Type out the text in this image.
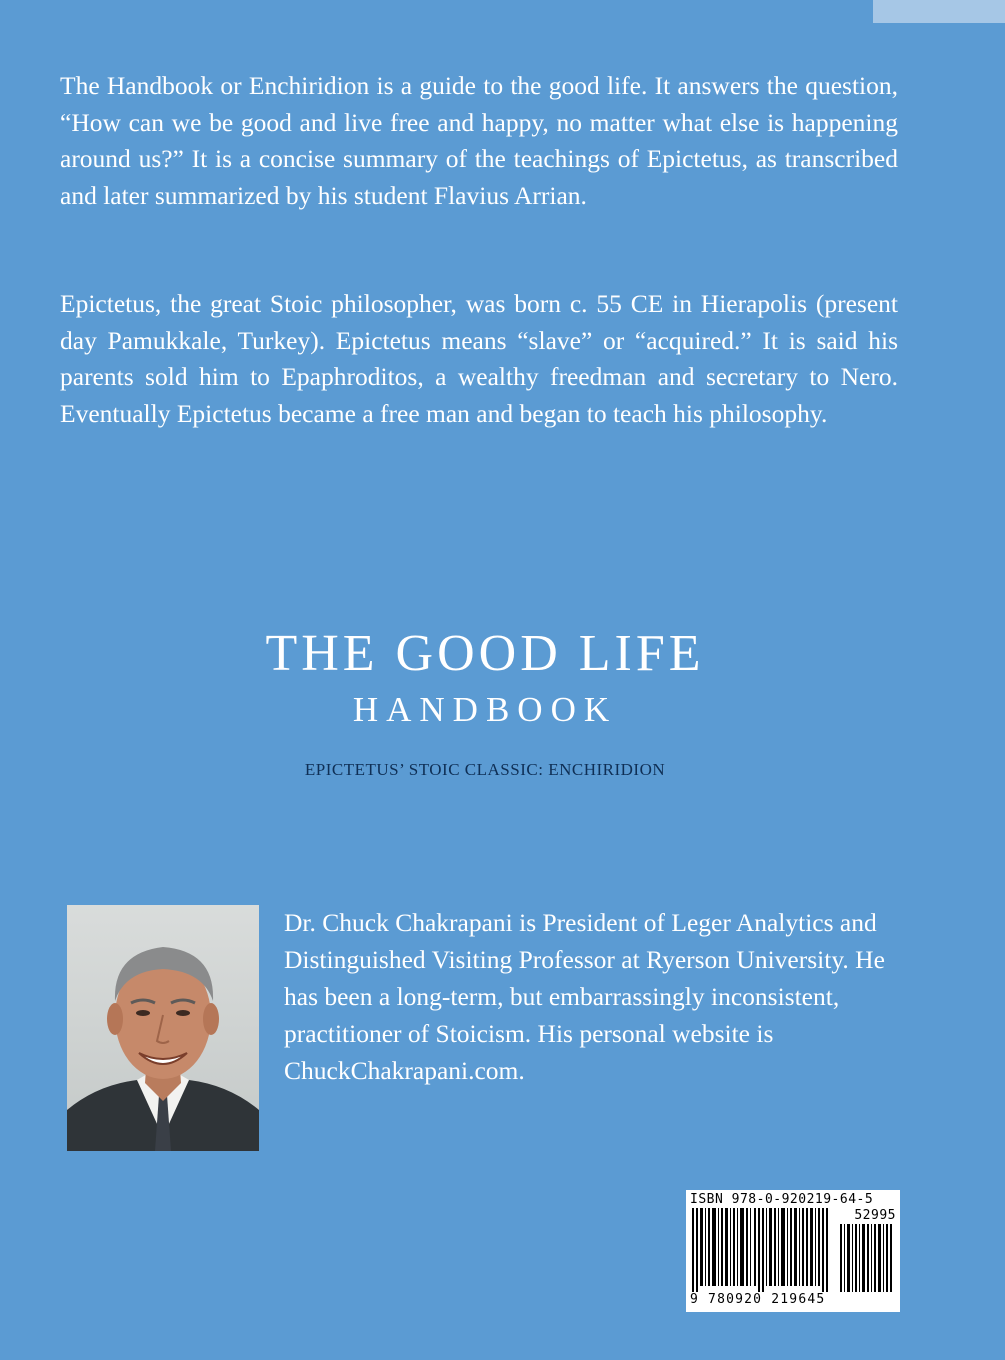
The Handbook or Enchiridion is a guide to the good life. It answers the question, “How can we be good and live free and happy, no matter what else is happening around us?” It is a concise summary of the teachings of Epictetus, as transcribed and later summarized by his student Flavius Arrian.

Epictetus, the great Stoic philosopher, was born c. 55 CE in Hierapolis (present day Pamukkale, Turkey). Epictetus means “slave” or “acquired.” It is said his parents sold him to Epaphroditos, a wealthy freedman and secretary to Nero. Eventually Epictetus became a free man and began to teach his philosophy.

THE GOOD LIFE
HANDBOOK
EPICTETUS’ STOIC CLASSIC: ENCHIRIDION

Dr. Chuck Chakrapani is President of Leger Analytics and Distinguished Visiting Professor at Ryerson University. He has been a long-term, but embarrassingly inconsistent, practitioner of Stoicism. His personal website is ChuckChakrapani.com.

ISBN 978-0-920219-64-5
52995
9 780920 219645
